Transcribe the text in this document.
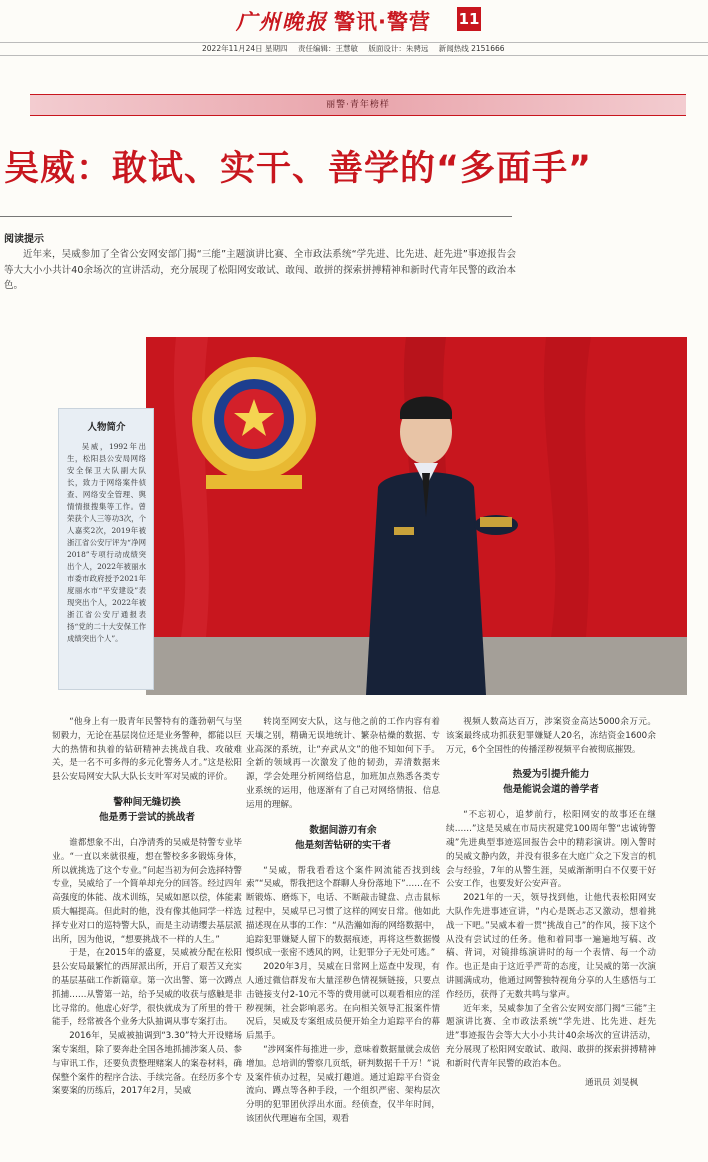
广州晚报 警讯·警营 11
2022年11月24日 星期四 责任编辑：王慧敏 版面设计：朱骋远 新闻热线 2151666
丽警·青年榜样
吴威：敢试、实干、善学的“多面手”
阅读提示
近年来，吴威参加了全省公安网安部门揭“三能”主题演讲比赛、全市政法系统“学先进、比先进、赶先进”事迹报告会等大大小小共计40余场次的宣讲活动，充分展现了松阳网安敢试、敢闯、敢拼的探索拼搏精神和新时代青年民警的政治本色。
人物简介
吴威，1992年出生，松阳县公安局网络安全保卫大队副大队长，致力于网络案件侦查、网络安全管理、舆情情报搜集等工作。曾荣获个人三等功3次，个人嘉奖2次，2019年被浙江省公安厅评为“净网2018”专项行动成绩突出个人，2022年被丽水市委市政府授予2021年度丽水市“平安建设”表现突出个人，2022年被浙江省公安厅通报表扬“党的二十大安保工作成绩突出个人”。

“他身上有一股青年民警特有的蓬勃朝气与坚韧毅力，无论在基层岗位还是业务警种，都能以巨大的热情和执着的钻研精神去挑战自我、攻破难关，是一名不可多得的多元化警务人才。”这是松阳县公安局网安大队大队长支叶军对吴威的评价。

警种间无缝切换
他是勇于尝试的挑战者

谁都想象不出，白净清秀的吴威是特警专业毕业。“一直以来就很瘦，想在警校多多锻炼身体，所以就挑选了这个专业。”问起当初为何会选择特警专业，吴威给了一个简单却充分的回答。经过四年高强度的体能、战术训练，吴威如愿以偿，体能素质大幅提高。但此时的他，没有像其他同学一样选择专业对口的巡特警大队，而是主动请缨去基层派出所，因为他说，“想要挑战不一样的人生。”

于是，在2015年的盛夏，吴威被分配在松阳县公安局最繁忙的西屏派出所，开启了艰苦又充实的基层基础工作新篇章。第一次出警、第一次蹲点抓捕……从警第一站，给予吴威的收获与感触是非比寻常的。他虚心好学，很快就成为了所里的骨干能手，经常被各个业务大队抽调从事专案打击。

2016年，吴威被抽调到“3.30”特大开设赌场案专案组，除了要奔赴全国各地抓捕涉案人员、参与审讯工作，还要负责整理赌案人的案卷材料，确保整个案件的程序合法、手续完备。在经历多个专案要案的历练后，2017年2月，吴威

转岗至网安大队，这与他之前的工作内容有着天壤之别，精确无误地统计、繁杂枯燥的数据、专业高深的系统，让“弃武从文”的他不知如何下手。全新的领域再一次激发了他的韧劲，弄清数据来源，学会处理分析网络信息，加班加点熟悉各类专业系统的运用，他逐渐有了自己对网络情报、信息运用的理解。

数据间游刃有余
他是刻苦钻研的实干者

“吴威，帮我看看这个案件网流能否找到线索”“吴威，帮我把这个群聊人身份落地下”……在不断锻炼、磨炼下，电话、不断敲击键盘、点击鼠标过程中，吴威早已习惯了这样的网安日常。他如此描述现在从事的工作：“从浩瀚如海的网络数据中，追踪犯罪嫌疑人留下的数据痕迹，再将这些数据慢慢织成一张密不透风的网，让犯罪分子无处可逃。”

2020年3月，吴威在日常网上巡查中发现，有人通过微信群发布大量淫秽色情视频链接，只要点击链接支付2-10元不等的费用就可以观看相应的淫秽视频，社会影响恶劣。在向相关领导汇报案件情况后，吴威及专案组成员便开始全力追踪平台的幕后黑手。

“涉网案件每推进一步，意味着数据量就会成倍增加。总培训的警察几页纸，研判数据千千万！”说及案件侦办过程，吴威打趣道。通过追踪平台资金流向、蹲点等各种手段，一个组织严密、架构层次分明的犯罪团伙浮出水面。经侦查，仅半年时间，该团伙代理遍布全国，观看

视频人数高达百万，涉案资金高达5000余万元。该案最终成功抓获犯罪嫌疑人20名，冻结资金1600余万元，6个全国性的传播淫秽视频平台被彻底摧毁。

热爱为引提升能力
他是能说会道的善学者

“不忘初心，追梦前行，松阳网安的故事还在继续……”这是吴威在市局庆祝建党100周年警“忠诚铸警魂”先进典型事迹巡回报告会中的精彩演讲。刚入警时的吴威文静内敛，并没有很多在大庭广众之下发言的机会与经验，7年的从警生涯，吴威渐渐明白不仅要干好公安工作，也要发好公安声音。

2021年的一天，领导找到他，让他代表松阳网安大队作先进事迹宣讲，“内心是既忐忑又激动，想着挑战一下吧。”吴威本着一贯“挑战自己”的作风，接下这个从没有尝试过的任务。他和着同事一遍遍地写稿、改稿、背词，对镜排练演讲时的每一个表情、每一个动作。也正是由于这近乎严苛的态度，让吴威的第一次演讲圆满成功，他通过网警独特视角分享的人生感悟与工作经历，获得了无数共鸣与掌声。

近年来，吴威参加了全省公安网安部门揭“三能”主题演讲比赛、全市政法系统“学先进、比先进、赶先进”事迹报告会等大大小小共计40余场次的宣讲活动，充分展现了松阳网安敢试、敢闯、敢拼的探索拼搏精神和新时代青年民警的政治本色。

通讯员 刘旻枫
